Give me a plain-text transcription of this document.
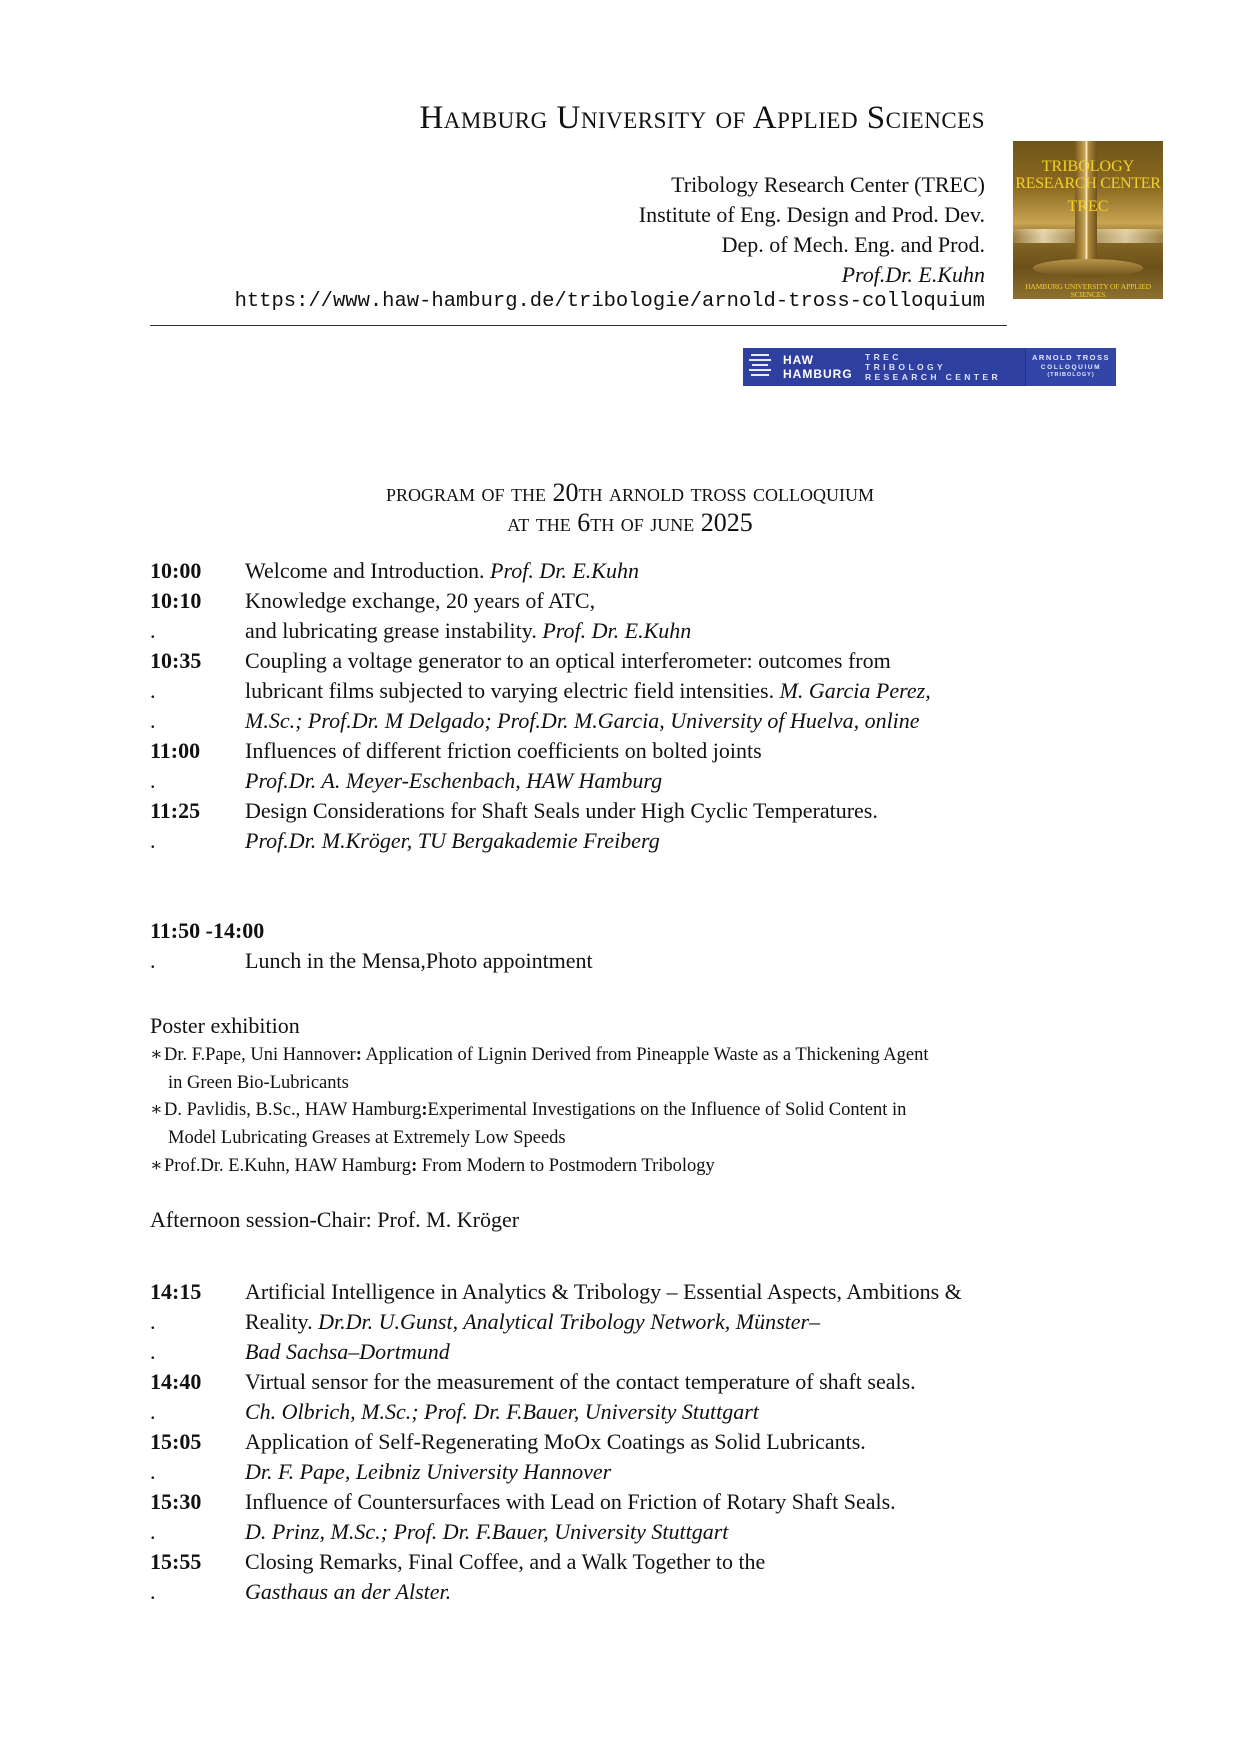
Hamburg University of Applied Sciences
Tribology Research Center (TREC)
Institute of Eng. Design and Prod. Dev.
Dep. of Mech. Eng. and Prod.
Prof.Dr. E.Kuhn
https://www.haw-hamburg.de/tribologie/arnold-tross-colloquium
TRIBOLOGY
RESEARCH CENTER
TREC
HAMBURG UNIVERSITY OF APPLIED SCIENCES
HAW
HAMBURG
TREC
TRIBOLOGY
RESEARCH CENTER
ARNOLD TROSS
COLLOQUIUM
(TRIBOLOGY)
program of the 20th arnold tross colloquium
at the 6th of june 2025
10:00 Welcome and Introduction. Prof. Dr. E.Kuhn
10:10 Knowledge exchange, 20 years of ATC,
.	and lubricating grease instability. Prof. Dr. E.Kuhn
10:35 Coupling a voltage generator to an optical interferometer: outcomes from
.	lubricant films subjected to varying electric field intensities. M. Garcia Perez,
.	M.Sc.; Prof.Dr. M Delgado; Prof.Dr. M.Garcia, University of Huelva, online
11:00 Influences of different friction coefficients on bolted joints
.	Prof.Dr. A. Meyer-Eschenbach, HAW Hamburg
11:25 Design Considerations for Shaft Seals under High Cyclic Temperatures.
.	Prof.Dr. M.Kröger, TU Bergakademie Freiberg
11:50 -14:00
.	Lunch in the Mensa,Photo appointment
Poster exhibition
∗Dr. F.Pape, Uni Hannover: Application of Lignin Derived from Pineapple Waste as a Thickening Agent
in Green Bio-Lubricants
∗D. Pavlidis, B.Sc., HAW Hamburg:Experimental Investigations on the Influence of Solid Content in
Model Lubricating Greases at Extremely Low Speeds
∗Prof.Dr. E.Kuhn, HAW Hamburg: From Modern to Postmodern Tribology
Afternoon session-Chair: Prof. M. Kröger
14:15 Artificial Intelligence in Analytics & Tribology – Essential Aspects, Ambitions &
.	Reality. Dr.Dr. U.Gunst, Analytical Tribology Network, Münster–
.	Bad Sachsa–Dortmund
14:40 Virtual sensor for the measurement of the contact temperature of shaft seals.
.	Ch. Olbrich, M.Sc.; Prof. Dr. F.Bauer, University Stuttgart
15:05 Application of Self-Regenerating MoOx Coatings as Solid Lubricants.
.	Dr. F. Pape, Leibniz University Hannover
15:30 Influence of Countersurfaces with Lead on Friction of Rotary Shaft Seals.
.	D. Prinz, M.Sc.; Prof. Dr. F.Bauer, University Stuttgart
15:55 Closing Remarks, Final Coffee, and a Walk Together to the
.	Gasthaus an der Alster.
